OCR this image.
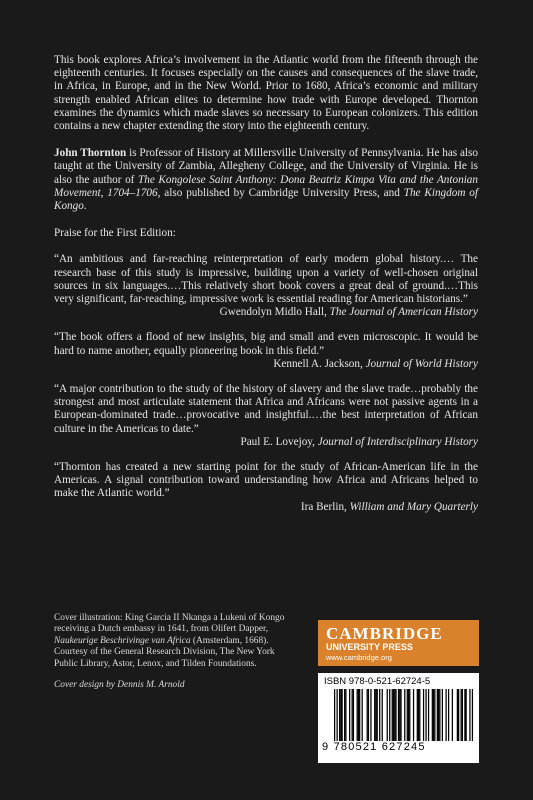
This book explores Africa’s involvement in the Atlantic world from the fifteenth through the eighteenth centuries. It focuses especially on the causes and consequences of the slave trade, in Africa, in Europe, and in the New World. Prior to 1680, Africa’s economic and military strength enabled African elites to determine how trade with Europe developed. Thornton examines the dynamics which made slaves so necessary to European colonizers. This edition contains a new chapter extending the story into the eighteenth century.

John Thornton is Professor of History at Millersville University of Pennsylvania. He has also taught at the University of Zambia, Allegheny College, and the University of Virginia. He is also the author of The Kongolese Saint Anthony: Dona Beatriz Kimpa Vita and the Antonian Movement, 1704–1706, also published by Cambridge University Press, and The Kingdom of Kongo.

Praise for the First Edition:

“An ambitious and far-reaching reinterpretation of early modern global history.… The research base of this study is impressive, building upon a variety of well-chosen original sources in six languages.…This relatively short book covers a great deal of ground.…This very significant, far-reaching, impressive work is essential reading for American historians.”

Gwendolyn Midlo Hall, The Journal of American History

“The book offers a flood of new insights, big and small and even microscopic. It would be hard to name another, equally pioneering book in this field.”

Kennell A. Jackson, Journal of World History

“A major contribution to the study of the history of slavery and the slave trade…probably the strongest and most articulate statement that Africa and Africans were not passive agents in a European-dominated trade…provocative and insightful.…the best interpretation of African culture in the Americas to date.”

Paul E. Lovejoy, Journal of Interdisciplinary History

“Thornton has created a new starting point for the study of African-American life in the Americas. A signal contribution toward understanding how Africa and Africans helped to make the Atlantic world.”

Ira Berlin, William and Mary Quarterly

Cover illustration: King Garcia II Nkanga a Lukeni of Kongo receiving a Dutch embassy in 1641, from Olifert Dapper, Naukeurige Beschrivinge van Africa (Amsterdam, 1668). Courtesy of the General Research Division, The New York Public Library, Astor, Lenox, and Tilden Foundations.

Cover design by Dennis M. Arnold

CAMBRIDGE
UNIVERSITY PRESS
www.cambridge.org
ISBN 978-0-521-62724-5
9 780521 627245
